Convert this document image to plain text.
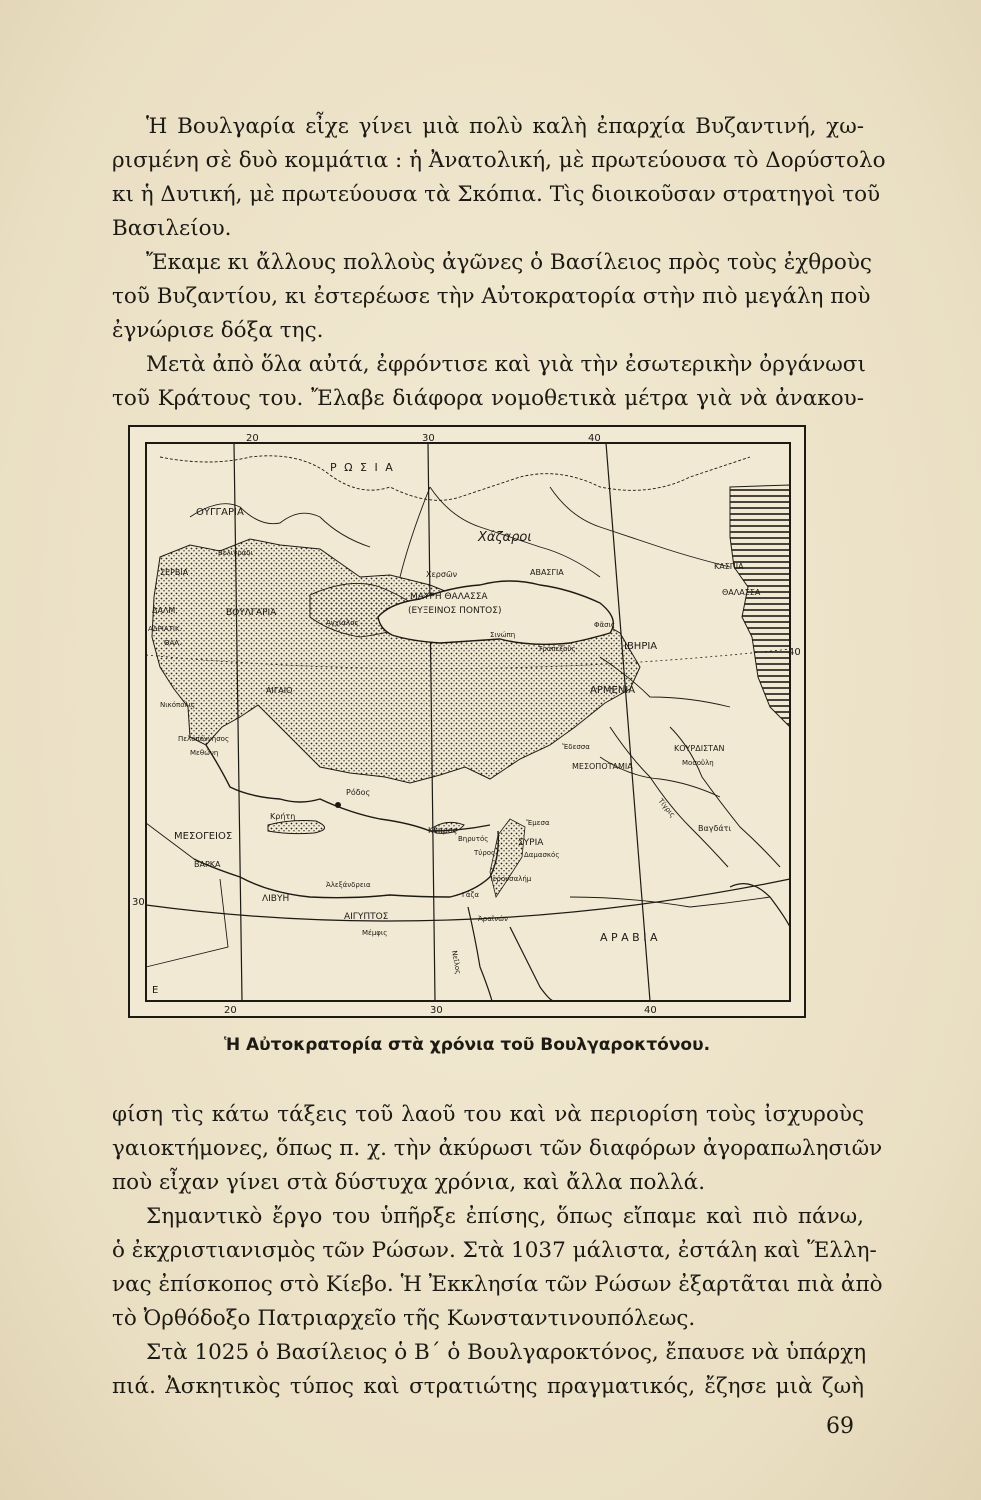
Ἡ Βουλγαρία εἶχε γίνει μιὰ πολὺ καλὴ ἐπαρχία Βυζαντινή, χω-
ρισμένη σὲ δυὸ κομμάτια : ἡ Ἀνατολική, μὲ πρωτεύουσα τὸ Δορύστολο
κι ἡ Δυτική, μὲ πρωτεύουσα τὰ Σκόπια. Τὶς διοικοῦσαν στρατηγοὶ τοῦ
Βασιλείου.
Ἔκαμε κι ἄλλους πολλοὺς ἀγῶνες ὁ Βασίλειος πρὸς τοὺς ἐχθροὺς
τοῦ Βυζαντίου, κι ἐστερέωσε τὴν Αὐτοκρατορία στὴν πιὸ μεγάλη ποὺ
ἐγνώρισε δόξα της.
Μετὰ ἀπὸ ὅλα αὐτά, ἐφρόντισε καὶ γιὰ τὴν ἐσωτερικὴν ὀργάνωσι
τοῦ Κράτους του. Ἔλαβε διάφορα νομοθετικὰ μέτρα γιὰ νὰ ἀνακου-
20	30	40
20	30	40
40
30
Ρ Ω Σ Ι Α
ΟΥΓΓΑΡΙΑ
Χάζαροι
Χερσῶν	ΑΒΑΣΓΙΑ
ΚΑΣΠΙΑ
ΘΑΛΑΣΣΑ
ΜΑΥΡΗ ΘΑΛΑΣΣΑ
(ΕΥΞΕΙΝΟΣ ΠΟΝΤΟΣ)
ΣΕΡΒΙΑ
ΒΟΥΛΓΑΡΙΑ
Βελιγράδι
ΔΑΛΜ.
ΑΔΡΙΑΤΙΚ.
ΘΑΛ.
Ἀγχίαλος
Σινώπη
Φᾶσις
Τραπεζοῦς	ΙΒΗΡΙΑ
ΑΡΜΕΝΙΑ
ΑΙΓΑΙΟ
Νικόπολις
Πελοπόννησος
Μεθώνη
Κρήτη
Ρόδος
ΜΕΣΟΓΕΙΟΣ
Κύπρος
ΣΥΡΙΑ
Δαμασκός
Τύρος
Βηρυτός
Ἔμεσα
Ἔδεσσα
ΜΕΣΟΠΟΤΑΜΙΑ
ΚΟΥΡΔΙΣΤΑΝ
Μοσοῦλη
Βαγδάτι
Τίγρις
ΒΑΡΚΑ
ΛΙΒΥΗ
Ἀλεξάνδρεια
ΑΙΓΥΠΤΟΣ
Μέμφις
Γάζα
Ἱερουσαλήμ
Α Ρ Α Β Ι Α
Νεῖλος
Ἀραῖνών
E
Ἡ Αὐτοκρατορία στὰ χρόνια τοῦ Βουλγαροκτόνου.
φίση τὶς κάτω τάξεις τοῦ λαοῦ του καὶ νὰ περιορίση τοὺς ἰσχυροὺς
γαιοκτήμονες, ὅπως π. χ. τὴν ἀκύρωσι τῶν διαφόρων ἀγοραπωλησιῶν
ποὺ εἶχαν γίνει στὰ δύστυχα χρόνια, καὶ ἄλλα πολλά.
Σημαντικὸ ἔργο του ὑπῆρξε ἐπίσης, ὅπως εἴπαμε καὶ πιὸ πάνω,
ὁ ἐκχριστιανισμὸς τῶν Ρώσων. Στὰ 1037 μάλιστα, ἐστάλη καὶ Ἕλλη-
νας ἐπίσκοπος στὸ Κίεβο. Ἡ Ἐκκλησία τῶν Ρώσων ἐξαρτᾶται πιὰ ἀπὸ
τὸ Ὀρθόδοξο Πατριαρχεῖο τῆς Κωνσταντινουπόλεως.
Στὰ 1025 ὁ Βασίλειος ὁ Β΄ ὁ Βουλγαροκτόνος, ἔπαυσε νὰ ὑπάρχη
πιά. Ἀσκητικὸς τύπος καὶ στρατιώτης πραγματικός, ἔζησε μιὰ ζωὴ
69
